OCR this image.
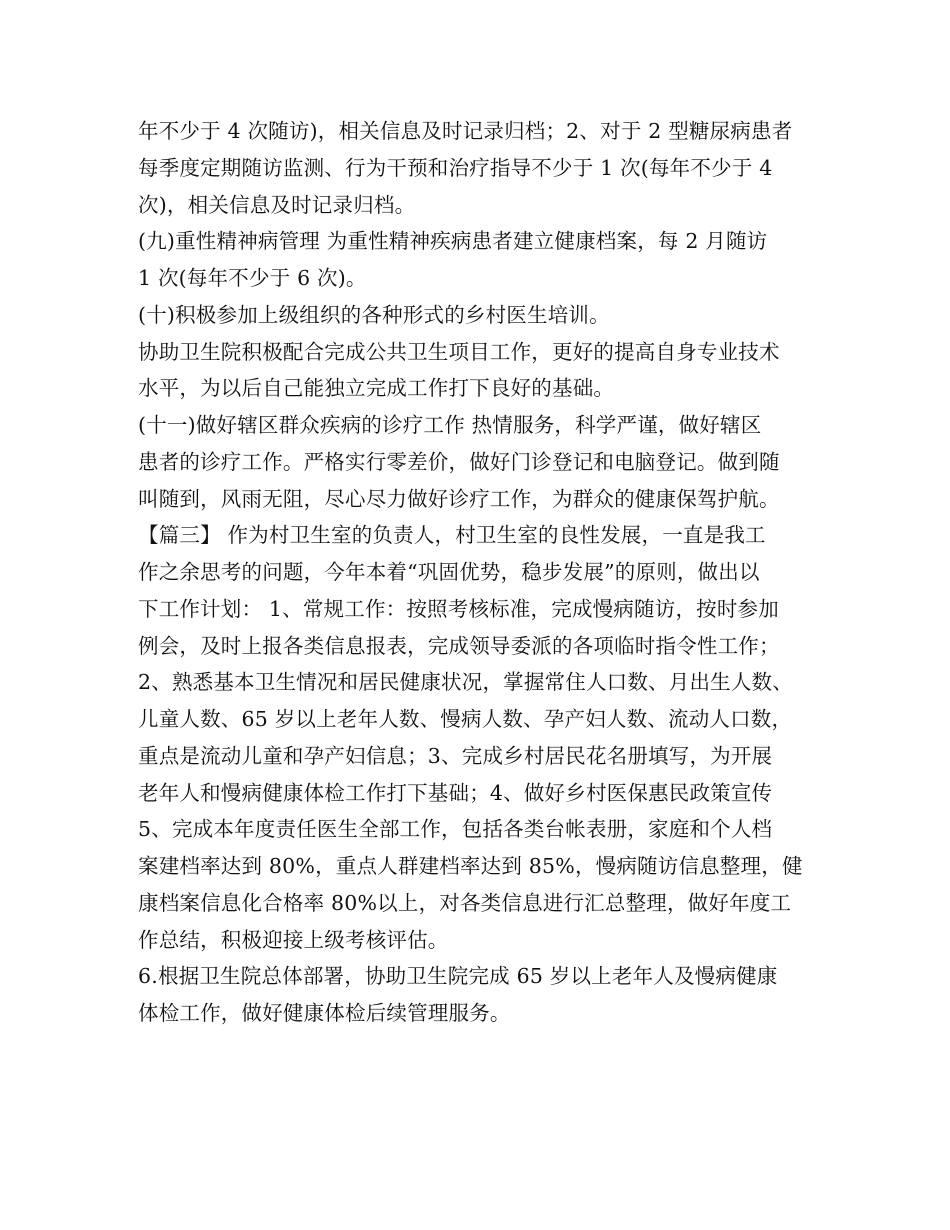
年不少于 4 次随访)，相关信息及时记录归档；2、对于 2 型糖尿病患者
每季度定期随访监测、行为干预和治疗指导不少于 1 次(每年不少于 4
次)，相关信息及时记录归档。
(九)重性精神病管理 为重性精神疾病患者建立健康档案，每 2 月随访
1 次(每年不少于 6 次)。
(十)积极参加上级组织的各种形式的乡村医生培训。
协助卫生院积极配合完成公共卫生项目工作，更好的提高自身专业技术
水平，为以后自己能独立完成工作打下良好的基础。
(十一)做好辖区群众疾病的诊疗工作 热情服务，科学严谨，做好辖区
患者的诊疗工作。严格实行零差价，做好门诊登记和电脑登记。做到随
叫随到，风雨无阻，尽心尽力做好诊疗工作，为群众的健康保驾护航。
【篇三】 作为村卫生室的负责人，村卫生室的良性发展，一直是我工
作之余思考的问题，今年本着“巩固优势，稳步发展”的原则，做出以
下工作计划： 1、常规工作：按照考核标准，完成慢病随访，按时参加
例会，及时上报各类信息报表，完成领导委派的各项临时指令性工作；
2、熟悉基本卫生情况和居民健康状况，掌握常住人口数、月出生人数、
儿童人数、65 岁以上老年人数、慢病人数、孕产妇人数、流动人口数，
重点是流动儿童和孕产妇信息；3、完成乡村居民花名册填写，为开展
老年人和慢病健康体检工作打下基础；4、做好乡村医保惠民政策宣传
5、完成本年度责任医生全部工作，包括各类台帐表册，家庭和个人档
案建档率达到 80%，重点人群建档率达到 85%，慢病随访信息整理，健
康档案信息化合格率 80%以上，对各类信息进行汇总整理，做好年度工
作总结，积极迎接上级考核评估。
6.根据卫生院总体部署，协助卫生院完成 65 岁以上老年人及慢病健康
体检工作，做好健康体检后续管理服务。
